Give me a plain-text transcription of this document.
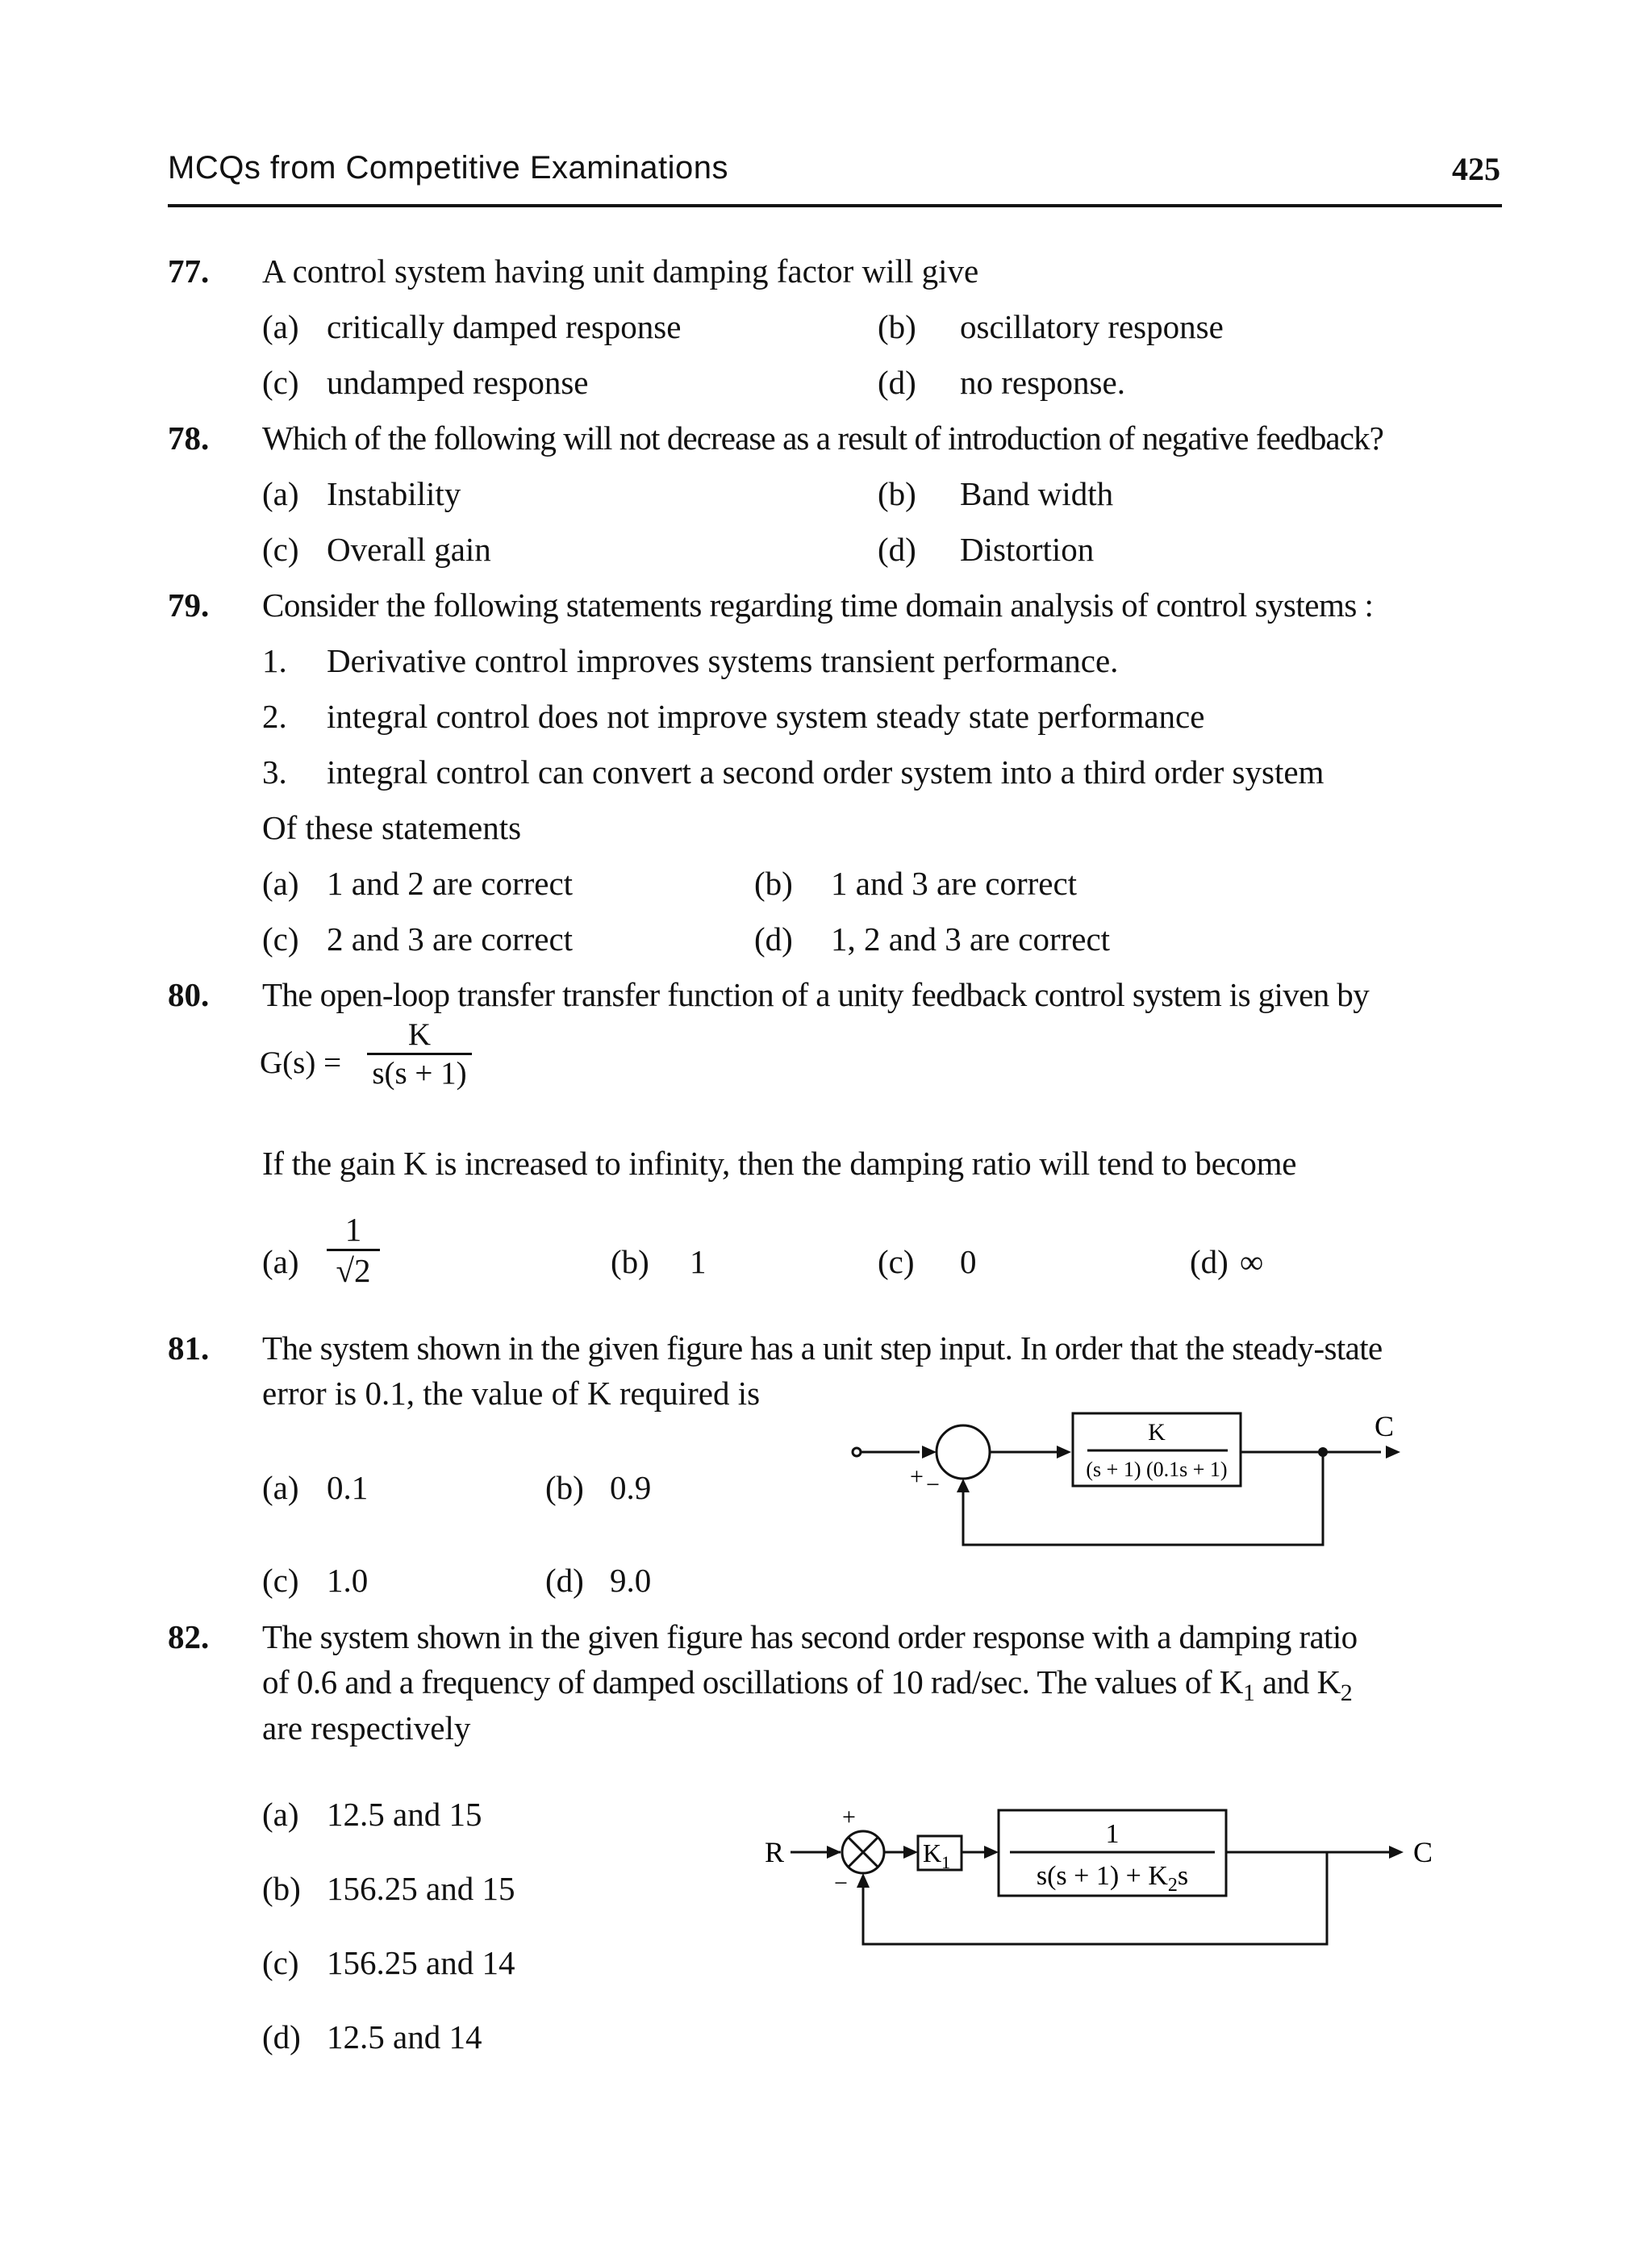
MCQs from Competitive Examinations	425
77. A control system having unit damping factor will give
(a) critically damped response	(b) oscillatory response
(c) undamped response	(d) no response.
78. Which of the following will not decrease as a result of introduction of negative feedback?
(a) Instability	(b) Band width
(c) Overall gain	(d) Distortion
79. Consider the following statements regarding time domain analysis of control systems :
1. Derivative control improves systems transient performance.
2. integral control does not improve system steady state performance
3. integral control can convert a second order system into a third order system
Of these statements
(a) 1 and 2 are correct	(b) 1 and 3 are correct
(c) 2 and 3 are correct	(d) 1, 2 and 3 are correct
80. The open-loop transfer transfer function of a unity feedback control system is given by
G(s) =
K
s(s + 1)
If the gain K is increased to infinity, then the damping ratio will tend to become
(a)
1
√2	(b) 1	(c) 0	(d) ∞
81. The system shown in the given figure has a unit step input. In order that the steady-state
error is 0.1, the value of K required is
(a) 0.1	(b) 0.9
(c) 1.0	(d) 9.0
K
(s + 1) (0.1s + 1)
C
+ −
82. The system shown in the given figure has second order response with a damping ratio
of 0.6 and a frequency of damped oscillations of 10 rad/sec. The values of $K_1$ and $K_2$
are respectively
(a) 12.5 and 15
(b) 156.25 and 15
(c) 156.25 and 14
(d) 12.5 and 14
R	C
+
−
$K_1$
1
$s(s + 1) + K_2s$
